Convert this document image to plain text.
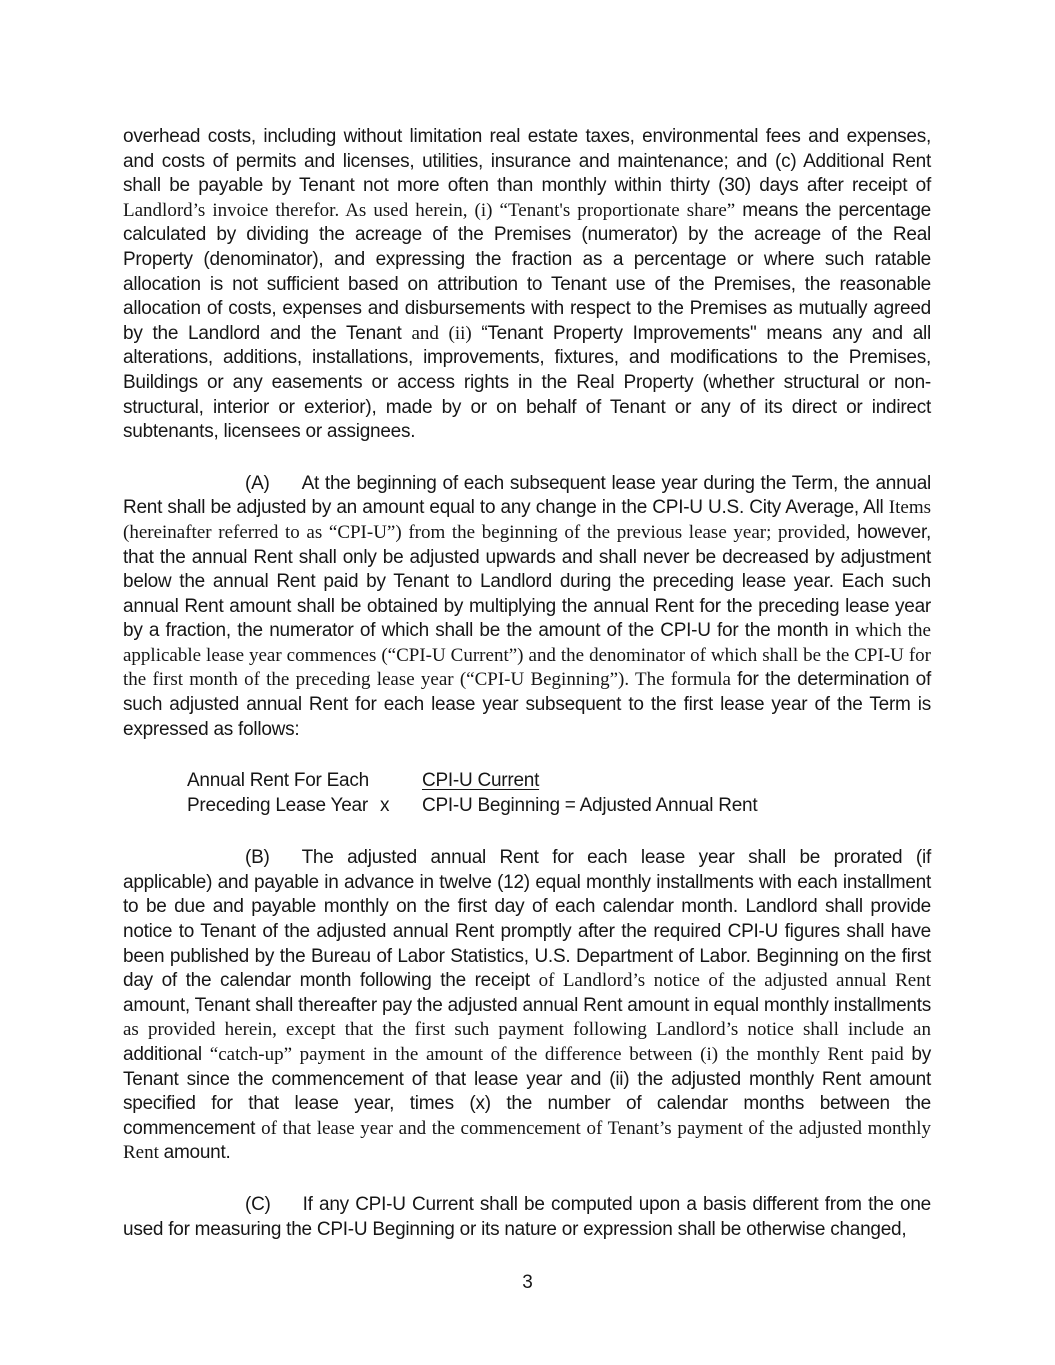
overhead costs, including without limitation real estate taxes, environmental fees and expenses, and costs of permits and licenses, utilities, insurance and maintenance; and (c) Additional Rent shall be payable by Tenant not more often than monthly within thirty (30) days after receipt of Landlord’s invoice therefor. As used herein, (i) “Tenant's proportionate share” means the percentage calculated by dividing the acreage of the Premises (numerator) by the acreage of the Real Property (denominator), and expressing the fraction as a percentage or where such ratable allocation is not sufficient based on attribution to Tenant use of the Premises, the reasonable allocation of costs, expenses and disbursements with respect to the Premises as mutually agreed by the Landlord and the Tenant and (ii) “Tenant Property Improvements" means any and all alterations, additions, installations, improvements, fixtures, and modifications to the Premises, Buildings or any easements or access rights in the Real Property (whether structural or non-structural, interior or exterior), made by or on behalf of Tenant or any of its direct or indirect subtenants, licensees or assignees.

(A) At the beginning of each subsequent lease year during the Term, the annual Rent shall be adjusted by an amount equal to any change in the CPI-U U.S. City Average, All Items (hereinafter referred to as “CPI-U”) from the beginning of the previous lease year; provided, however, that the annual Rent shall only be adjusted upwards and shall never be decreased by adjustment below the annual Rent paid by Tenant to Landlord during the preceding lease year. Each such annual Rent amount shall be obtained by multiplying the annual Rent for the preceding lease year by a fraction, the numerator of which shall be the amount of the CPI-U for the month in which the applicable lease year commences (“CPI-U Current”) and the denominator of which shall be the CPI-U for the first month of the preceding lease year (“CPI-U Beginning”). The formula for the determination of such adjusted annual Rent for each lease year subsequent to the first lease year of the Term is expressed as follows:

Annual Rent For Each	CPI-U Current
Preceding Lease Year x CPI-U Beginning = Adjusted Annual Rent

(B) The adjusted annual Rent for each lease year shall be prorated (if applicable) and payable in advance in twelve (12) equal monthly installments with each installment to be due and payable monthly on the first day of each calendar month. Landlord shall provide notice to Tenant of the adjusted annual Rent promptly after the required CPI-U figures shall have been published by the Bureau of Labor Statistics, U.S. Department of Labor. Beginning on the first day of the calendar month following the receipt of Landlord’s notice of the adjusted annual Rent amount, Tenant shall thereafter pay the adjusted annual Rent amount in equal monthly installments as provided herein, except that the first such payment following Landlord’s notice shall include an additional “catch-up” payment in the amount of the difference between (i) the monthly Rent paid by Tenant since the commencement of that lease year and (ii) the adjusted monthly Rent amount specified for that lease year, times (x) the number of calendar months between the commencement of that lease year and the commencement of Tenant’s payment of the adjusted monthly Rent amount.

(C) If any CPI-U Current shall be computed upon a basis different from the one used for measuring the CPI-U Beginning or its nature or expression shall be otherwise changed,

3
